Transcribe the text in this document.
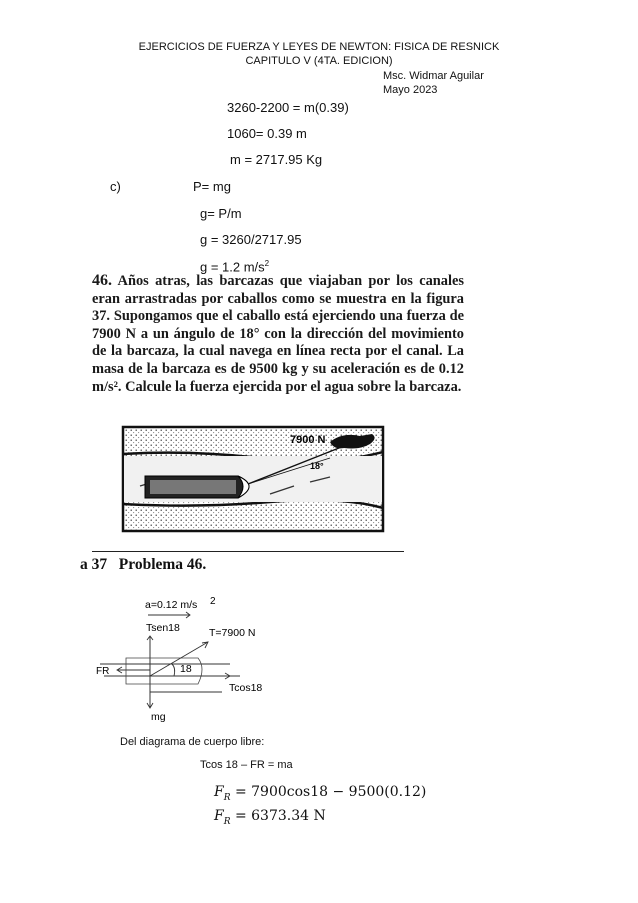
EJERCICIOS DE FUERZA Y LEYES DE NEWTON: FISICA DE RESNICK
CAPITULO V (4TA. EDICION)
Msc. Widmar Aguilar
Mayo 2023
3260-2200 = m(0.39)
1060= 0.39 m
m = 2717.95 Kg
c)	P= mg
g= P/m
g = 3260/2717.95
g = 1.2 $m/s^2$
46. Años atras, las barcazas que viajaban por los canales eran arrastradas por caballos como se muestra en la figura 37. Supongamos que el caballo está ejerciendo una fuerza de 7900 N a un ángulo de 18° con la dirección del movimiento de la barcaza, la cual navega en línea recta por el canal. La masa de la barcaza es de 9500 kg y su aceleración es de 0.12 m/s². Calcule la fuerza ejercida por el agua sobre la barcaza.
7900 N
18°
a 37 Problema 46.
a=0.12 m/s 2
Tsen18	T=7900 N
mg
18
FR
Tcos18
Del diagrama de cuerpo libre:
Tcos 18 – FR = ma
$F_R = 7900\cos 18 - 9500(0.12)$
$F_R = 6373.34$ N
